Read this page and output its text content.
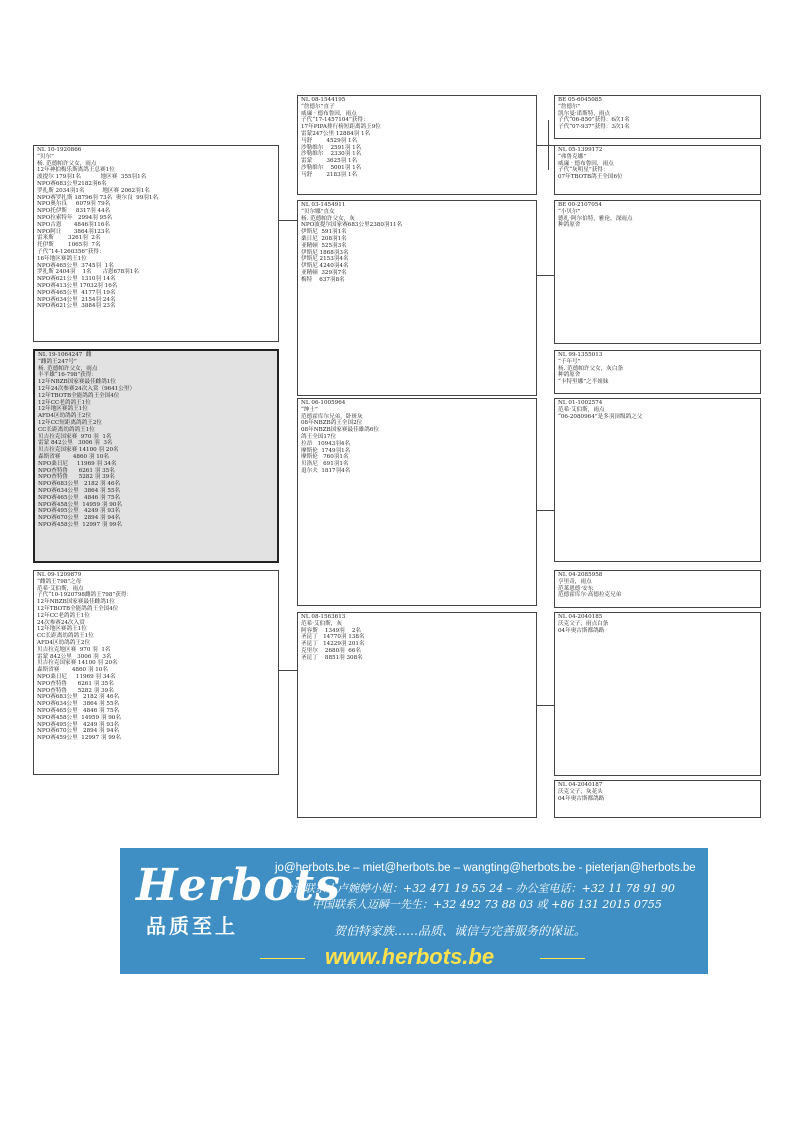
NL 19-1064247  雌
“雌鸽王247号”
杨. 范德帕许父女，雨点
丰平雄“16-798”获得：
12年NBZB国家赛最佳雌鸽1位
12年24次参赛24次入赏（9641公里）
12年TBOTB全能鸽鸽王全国4位
12年CC老鸽鸽王1位
12年地区赛鸽王1位
AFD4区幼鸽鸽王2位
12年CC短距离鸽鸽王2位
CC长距离幼鸽鸽王1位
贝吉拉克国家赛  970 羽  1名
雷蒙 842公里   3006 羽  3名
贝吉拉克国家赛 14100 羽 20名
森斯省赛       4860 羽 10名
NPO桑日尼     11969 羽 34名
NPO查特鲁      6261 羽 35名
NPO查特鲁      5282 羽 39名
NPO赛683公里   2182 羽 46名
NPO赛634公里   3864 羽 55名
NPO赛465公里   4846 羽 75名
NPO赛458公里  14959 羽 90名
NPO赛495公里   4249 羽 93名
NPO赛670公里   2894 羽 94名
NPO赛458公里  12997 羽 99名
NL 10-1920866
“贝尔”
杨. 范德帕许父女，雨点
12年神拍梅乐斯离鸽王总赛1位
波提尔 179羽1名           地区赛  355羽1名
NPO赛683公里2182羽6名
罗扎斯 2034羽1名          地区赛 2062羽1名
NPO赛罗扎斯 18796羽 73名  奥尔良  99羽1名
NPO奥尔良     6079羽 79名
NPO托伊斯     8317羽 44名
NPO拉索特年   2994羽 95名
NPO古恩       4846羽116名
NPO阿让       3864羽123名
雷米斯        3261羽  2名
托伊斯        1065羽  7名
子代“14-1260356”获得：
16年地区赛鸽王1位
NPO赛465公里  3745羽  1名
罗扎斯 2404羽    1名      古恩678羽1名
NPO赛621公里  1310羽 14名
NPO赛413公里 17032羽 16名
NPO赛465公里  4177羽 19名
NPO赛634公里  2154羽 24名
NPO赛621公里  3884羽 23名
NL 09-1209879
“雌鸽王798”之母
范希·艾伯斯，雨点
子代“10-1920798雌鸽王798”获得：
12年NBZB国家赛最佳雌鸽1位
12年TBOTB全能鸽鸽王全国4位
12年CC老鸽鸽王1位
24次参赛24次入赏
12年地区赛鸽王1位
CC长距离幼鸽鸽王1位
AFD4区幼鸽鸽王2位
贝吉拉克地区赛  970 羽  1名
雷蒙 842公里   3006 羽  3名
贝吉拉克国家赛 14100 羽 20名
森斯省赛       4860 羽 10名
NPO桑日尼     11969 羽 34名
NPO查特鲁      6261 羽 35名
NPO查特鲁      5282 羽 39名
NPO赛683公里   2182 羽 46名
NPO赛634公里   3864 羽 55名
NPO赛465公里   4846 羽 75名
NPO赛458公里  14959 羽 90名
NPO赛495公里   4249 羽 93名
NPO赛670公里   2894 羽 94名
NPO赛459公里  12997 羽 99名
NL 08-1544195
“詹德尔”直子
威廉 · 德布鲁因，雨点
子代“17-1457104”获得：
17年PIPA排行榜短距离鸽王9位
雷蒙247公里 12884羽 1名
马舒        4529羽 1名
沙勒维尔    2591羽 1名
沙勒维尔    2330羽 1名
雷蒙        3625羽 1名
沙勒维尔    5001羽 1名
马舒        2183羽 1名
NL 03-1454911
“贝尔娜”直女
杨. 范德帕许父女，灰
NPO波提尔国家赛683公里2380羽11名
伊斯尼  591羽1名
桑日尼  208羽1名
亚精顿  525羽3名
伊斯尼 1868羽3名
伊斯尼 2153羽4名
伊斯尼 4240羽4名
亚精顿  329羽7名
梅特    637羽8名
NL 06-1005964
“绅士”
范德霍库尔兄弟，卧斑灰
08年NBZB鸽王全国2位
08年NBZB国家赛最佳雄鸽6位
鸽王全国17位
拉昂   10943羽4名
摩斯伦  1749羽1名
摩斯伦   760羽1名
贝洛尼   691羽1名
退尔夫  1817羽4名
NL 08-1563613
范希·艾伯斯，灰
阿容斯    1349羽    2名
圣昆丁   14770羽 138名
圣昆丁   14229羽 201名
克里尔    2680羽  66名
圣昆丁    8851羽 308名
BE 05-6045085
“詹德尔”
凯尔曼·诺斯特，雨点
子代“06-850”获得：6次1名
子代“07-937”获得：3次1名
NL 05-1399172
“弗鲁克娜”
威廉 · 德布鲁因，雨点
子代“灰明星”获得：
07年TBOTB鸽王全国6位
BE 00-2107054
“小贝尔”
德扎·阿尔伯特，雅伦，深雨点
种鸽原舍
NL 99-1355013
“千年号”
杨. 范德帕许父女，灰白条
种鸽原舍
“卡特里娜”之半姐妹
NL 01-1002574
范希·艾伯斯，雨点
“06-2080964”是多羽顶级鸽之父
NL 04-2085958
亨里奇，雨点
范莱恩德·安东
范德霍库尔·高德拉克兄弟
NL 04-2040185
沃克父子，雨点白条
04年奥古斯都鸽路
NL 04-2040187
沃克父子，灰花头
04年奥古斯都鸽路
Herbots
品质至上
jo@herbots.be – miet@herbots.be – wangting@herbots.be - pieterjan@herbots.be
台湾联系人卢婉婷小姐：+32 471 19 55 24 – 办公室电话：+32 11 78 91 90
中国联系人迈瞬一先生：+32 492 73 88 03 或 +86 131 2015 0755
贺伯特家族……品质、诚信与完善服务的保证。
www.herbots.be
